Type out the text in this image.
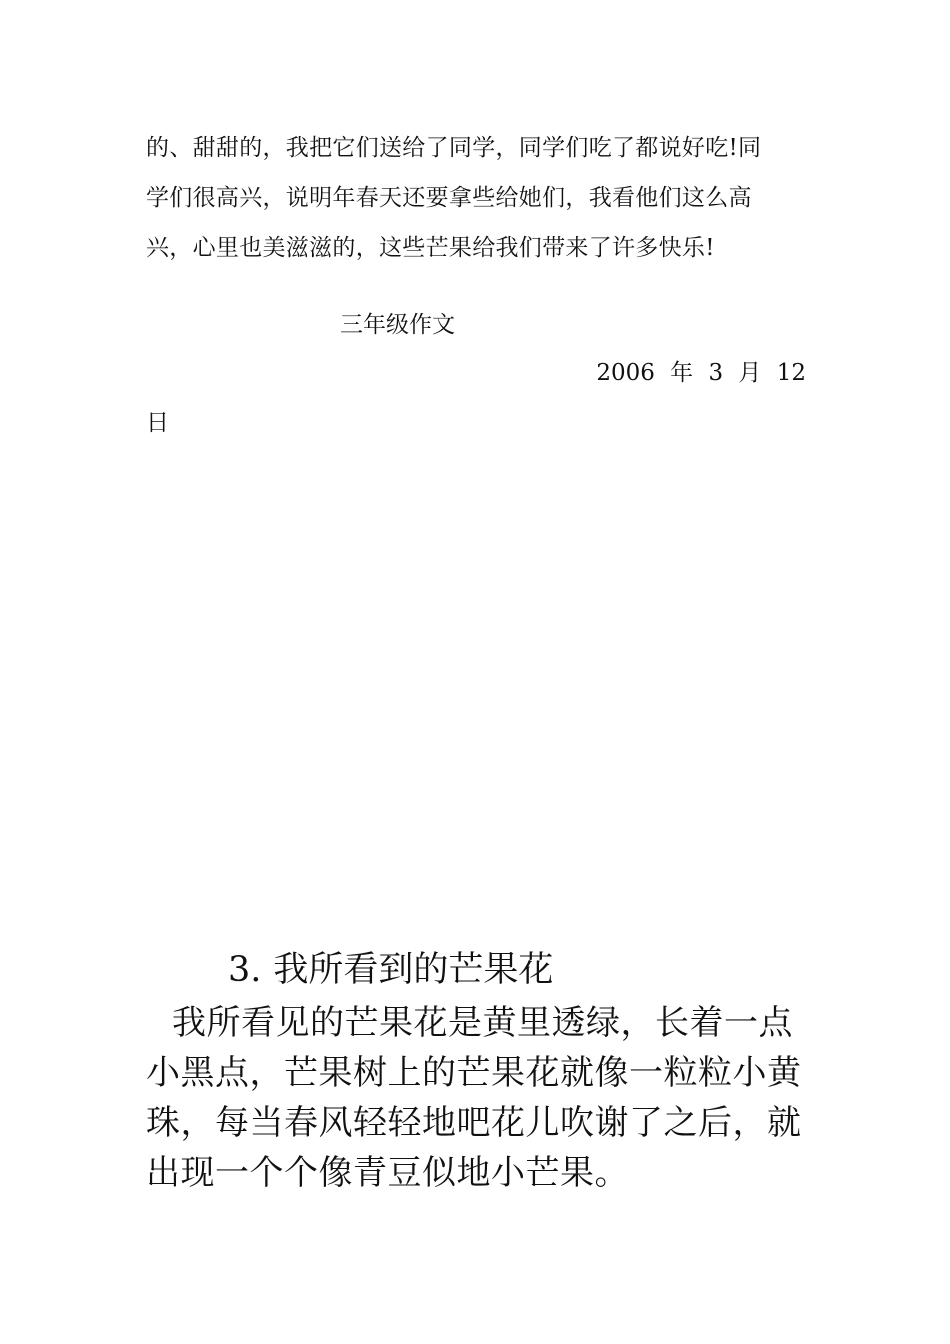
的、甜甜的，我把它们送给了同学，同学们吃了都说好吃!同

学们很高兴，说明年春天还要拿些给她们，我看他们这么高

兴，心里也美滋滋的，这些芒果给我们带来了许多快乐!

三年级作文

2006 年 3 月 12

日

3. 我所看到的芒果花

我所看见的芒果花是黄里透绿，长着一点

小黑点，芒果树上的芒果花就像一粒粒小黄

珠，每当春风轻轻地吧花儿吹谢了之后，就

出现一个个像青豆似地小芒果。
